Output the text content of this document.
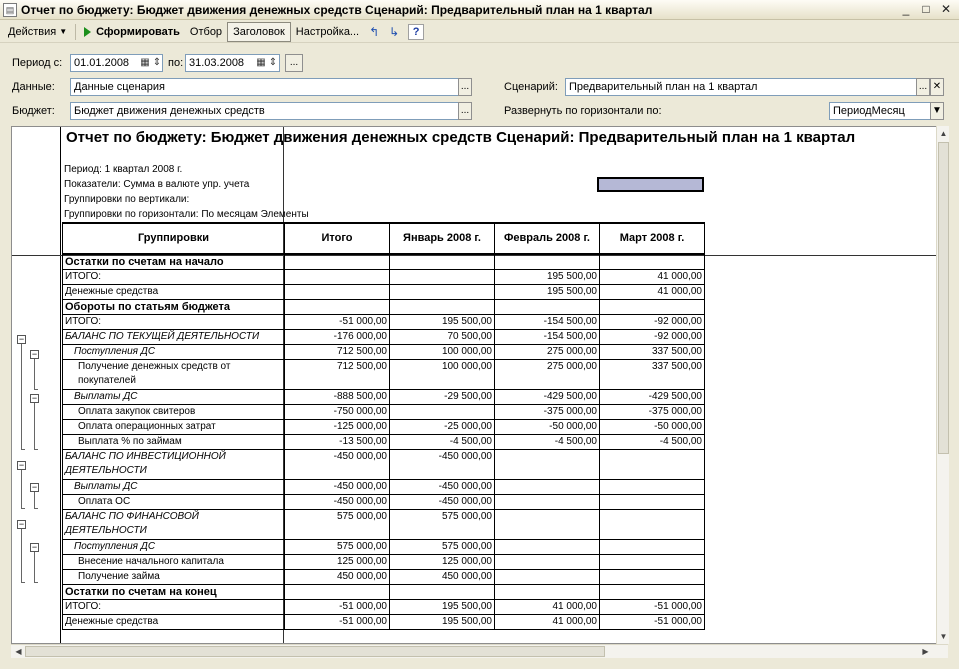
▤ Отчет по бюджету: Бюджет движения денежных средств Сценарий: Предварительный план на 1 квартал	_	□ ✕
Действия ▼	Сформировать Отбор	Заголовок	Настройка... ↰ ↳	?
Период с:	01.01.2008	▦ ⇕ по: 31.03.2008	▦ ⇕	...
Данные:	Данные сценария	...	Сценарий:	Предварительный план на 1 квартал	... ✕
Бюджет:	Бюджет движения денежных средств	...	Развернуть по горизонтали по:	ПериодМесяц	▼
Отчет по бюджету: Бюджет движения денежных средств Сценарий: Предварительный план на 1 квартал
Период: 1 квартал 2008 г.
Показатели: Сумма в валюте упр. учета
Группировки по вертикали:
Группировки по горизонтали: По месяцам Элементы
Группировки	Итого	Январь 2008 г.	Февраль 2008 г.	Март 2008 г.
Остатки по счетам на начало				
ИТОГО:			195 500,00	41 000,00
Денежные средства			195 500,00	41 000,00
Обороты по статьям бюджета				
ИТОГО:	-51 000,00	195 500,00	-154 500,00	-92 000,00
БАЛАНС ПО ТЕКУЩЕЙ ДЕЯТЕЛЬНОСТИ	-176 000,00	70 500,00	-154 500,00	-92 000,00
Поступления ДС	712 500,00	100 000,00	275 000,00	337 500,00
Получение денежных средств от покупателей	712 500,00	100 000,00	275 000,00	337 500,00
Выплаты ДС	-888 500,00	-29 500,00	-429 500,00	-429 500,00
Оплата закупок свитеров	-750 000,00		-375 000,00	-375 000,00
Оплата операционных затрат	-125 000,00	-25 000,00	-50 000,00	-50 000,00
Выплата % по займам	-13 500,00	-4 500,00	-4 500,00	-4 500,00
БАЛАНС ПО ИНВЕСТИЦИОННОЙ ДЕЯТЕЛЬНОСТИ	-450 000,00	-450 000,00		
Выплаты ДС	-450 000,00	-450 000,00		
Оплата ОС	-450 000,00	-450 000,00		
БАЛАНС ПО ФИНАНСОВОЙ ДЕЯТЕЛЬНОСТИ	575 000,00	575 000,00		
Поступления ДС	575 000,00	575 000,00		
Внесение начального капитала	125 000,00	125 000,00		
Получение займа	450 000,00	450 000,00		
Остатки по счетам на конец				
ИТОГО:	-51 000,00	195 500,00	41 000,00	-51 000,00
Денежные средства	-51 000,00	195 500,00	41 000,00	-51 000,00
−
−
−
−
−
−
−
▲
▼
◀	▶
